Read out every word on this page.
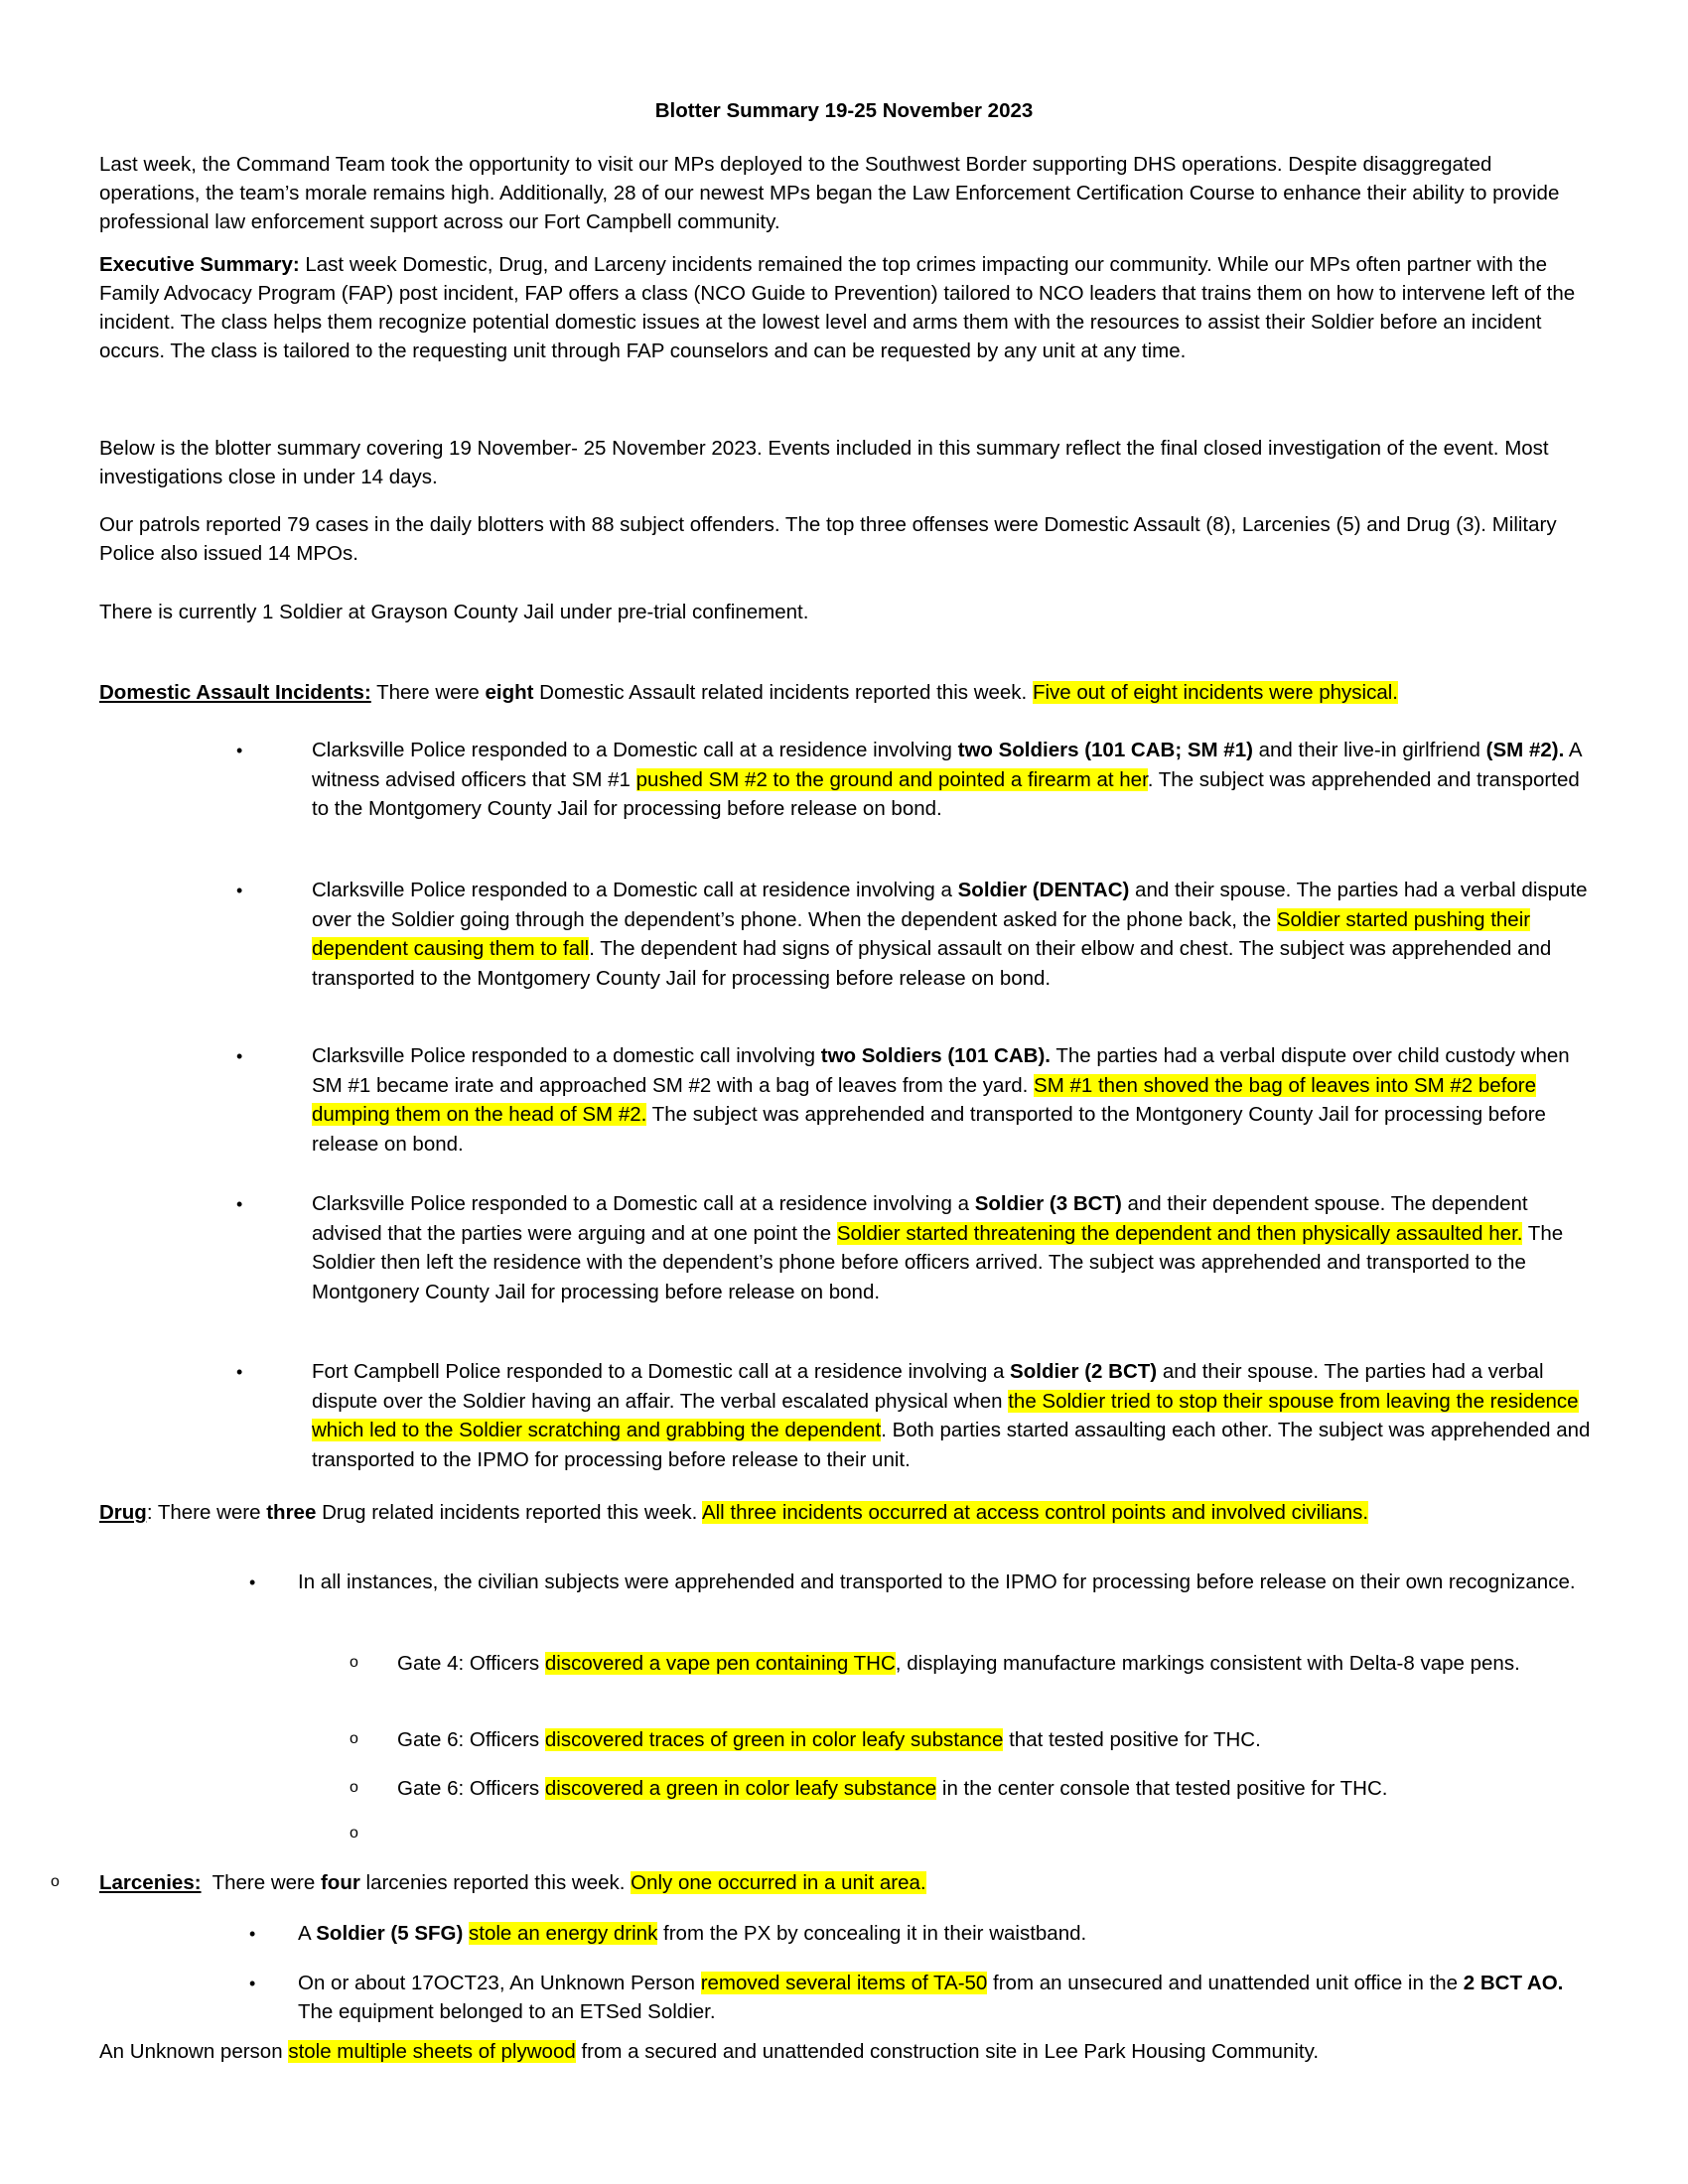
Blotter Summary 19-25 November 2023
Last week, the Command Team took the opportunity to visit our MPs deployed to the Southwest Border supporting DHS operations. Despite disaggregated operations, the team’s morale remains high. Additionally, 28 of our newest MPs began the Law Enforcement Certification Course to enhance their ability to provide professional law enforcement support across our Fort Campbell community.
Executive Summary: Last week Domestic, Drug, and Larceny incidents remained the top crimes impacting our community. While our MPs often partner with the Family Advocacy Program (FAP) post incident, FAP offers a class (NCO Guide to Prevention) tailored to NCO leaders that trains them on how to intervene left of the incident. The class helps them recognize potential domestic issues at the lowest level and arms them with the resources to assist their Soldier before an incident occurs. The class is tailored to the requesting unit through FAP counselors and can be requested by any unit at any time.
Below is the blotter summary covering 19 November- 25 November 2023. Events included in this summary reflect the final closed investigation of the event. Most investigations close in under 14 days.
Our patrols reported 79 cases in the daily blotters with 88 subject offenders. The top three offenses were Domestic Assault (8), Larcenies (5) and Drug (3). Military Police also issued 14 MPOs.
There is currently 1 Soldier at Grayson County Jail under pre-trial confinement.
Domestic Assault Incidents: There were eight Domestic Assault related incidents reported this week. Five out of eight incidents were physical.
•	Clarksville Police responded to a Domestic call at a residence involving two Soldiers (101 CAB; SM #1) and their live-in girlfriend (SM #2). A witness advised officers that SM #1 pushed SM #2 to the ground and pointed a firearm at her. The subject was apprehended and transported to the Montgomery County Jail for processing before release on bond.
•	Clarksville Police responded to a Domestic call at residence involving a Soldier (DENTAC) and their spouse. The parties had a verbal dispute over the Soldier going through the dependent’s phone. When the dependent asked for the phone back, the Soldier started pushing their dependent causing them to fall. The dependent had signs of physical assault on their elbow and chest. The subject was apprehended and transported to the Montgomery County Jail for processing before release on bond.
•	Clarksville Police responded to a domestic call involving two Soldiers (101 CAB). The parties had a verbal dispute over child custody when SM #1 became irate and approached SM #2 with a bag of leaves from the yard. SM #1 then shoved the bag of leaves into SM #2 before dumping them on the head of SM #2. The subject was apprehended and transported to the Montgonery County Jail for processing before release on bond.
•	Clarksville Police responded to a Domestic call at a residence involving a Soldier (3 BCT) and their dependent spouse. The dependent advised that the parties were arguing and at one point the Soldier started threatening the dependent and then physically assaulted her. The Soldier then left the residence with the dependent’s phone before officers arrived. The subject was apprehended and transported to the Montgonery County Jail for processing before release on bond.
•	Fort Campbell Police responded to a Domestic call at a residence involving a Soldier (2 BCT) and their spouse. The parties had a verbal dispute over the Soldier having an affair. The verbal escalated physical when the Soldier tried to stop their spouse from leaving the residence which led to the Soldier scratching and grabbing the dependent. Both parties started assaulting each other. The subject was apprehended and transported to the IPMO for processing before release to their unit.
Drug: There were three Drug related incidents reported this week. All three incidents occurred at access control points and involved civilians.
• In all instances, the civilian subjects were apprehended and transported to the IPMO for processing before release on their own recognizance.
o Gate 4: Officers discovered a vape pen containing THC, displaying manufacture markings consistent with Delta-8 vape pens.
o Gate 6: Officers discovered traces of green in color leafy substance that tested positive for THC.
o Gate 6: Officers discovered a green in color leafy substance in the center console that tested positive for THC.
o
o Larcenies:  There were four larcenies reported this week. Only one occurred in a unit area.
• A Soldier (5 SFG) stole an energy drink from the PX by concealing it in their waistband.
• On or about 17OCT23, An Unknown Person removed several items of TA-50 from an unsecured and unattended unit office in the 2 BCT AO. The equipment belonged to an ETSed Soldier.
An Unknown person stole multiple sheets of plywood from a secured and unattended construction site in Lee Park Housing Community.
